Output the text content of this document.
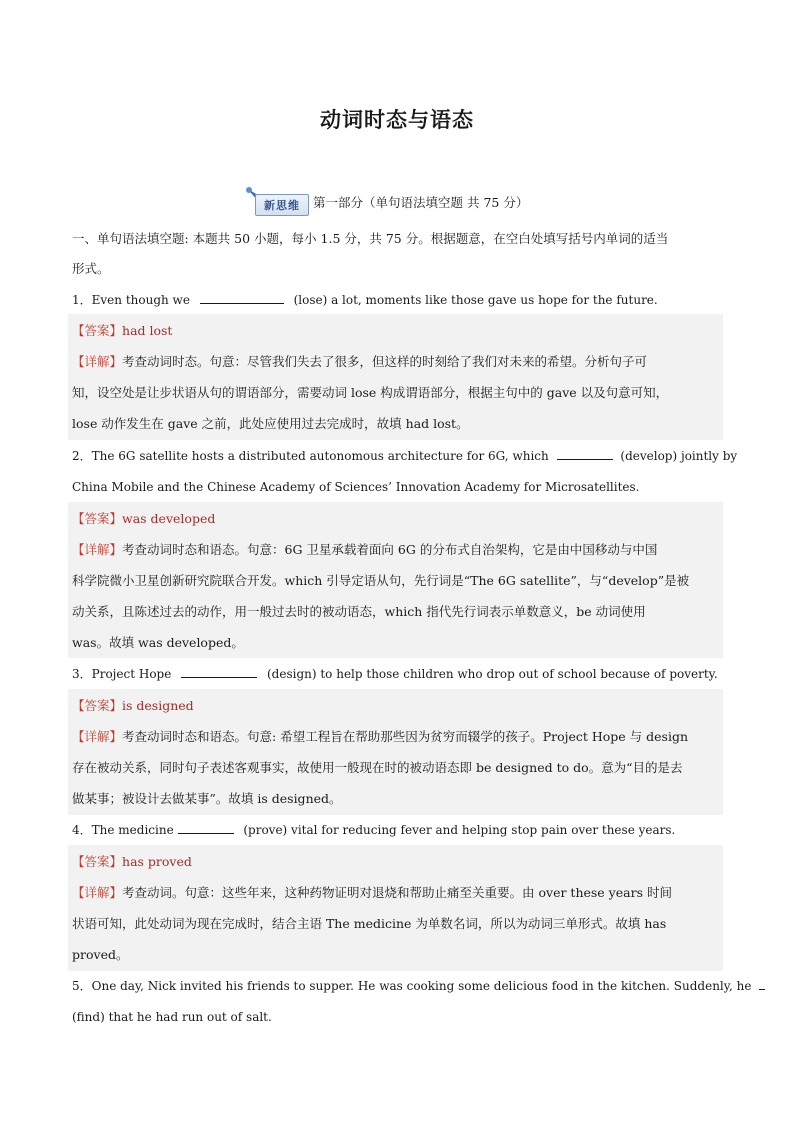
动词时态与语态
新思维	第一部分（单句语法填空题 共 75 分）
一、单句语法填空题: 本题共 50 小题，每小 1.5 分，共 75 分。根据题意，在空白处填写括号内单词的适当
形式。
1．Even though we	(lose) a lot, moments like those gave us hope for the future.
【答案】had lost
【详解】考查动词时态。句意：尽管我们失去了很多，但这样的时刻给了我们对未来的希望。分析句子可
知，设空处是让步状语从句的谓语部分，需要动词 lose 构成谓语部分，根据主句中的 gave 以及句意可知，
lose 动作发生在 gave 之前，此处应使用过去完成时，故填 had lost。
2．The 6G satellite hosts a distributed autonomous architecture for 6G, which	(develop) jointly by
China Mobile and the Chinese Academy of Sciences’ Innovation Academy for Microsatellites.
【答案】was developed
【详解】考查动词时态和语态。句意：6G 卫星承载着面向 6G 的分布式自治架构，它是由中国移动与中国
科学院微小卫星创新研究院联合开发。which 引导定语从句，先行词是“The 6G satellite”，与“develop”是被
动关系，且陈述过去的动作，用一般过去时的被动语态，which 指代先行词表示单数意义，be 动词使用
was。故填 was developed。
3．Project Hope	(design) to help those children who drop out of school because of poverty.
【答案】is designed
【详解】考查动词时态和语态。句意: 希望工程旨在帮助那些因为贫穷而辍学的孩子。Project Hope 与 design
存在被动关系，同时句子表述客观事实，故使用一般现在时的被动语态即 be designed to do。意为“目的是去
做某事；被设计去做某事”。故填 is designed。
4．The medicine	(prove) vital for reducing fever and helping stop pain over these years.
【答案】has proved
【详解】考查动词。句意：这些年来，这种药物证明对退烧和帮助止痛至关重要。由 over these years 时间
状语可知，此处动词为现在完成时，结合主语 The medicine 为单数名词，所以为动词三单形式。故填 has
proved。
5．One day, Nick invited his friends to supper. He was cooking some delicious food in the kitchen. Suddenly, he
(find) that he had run out of salt.
